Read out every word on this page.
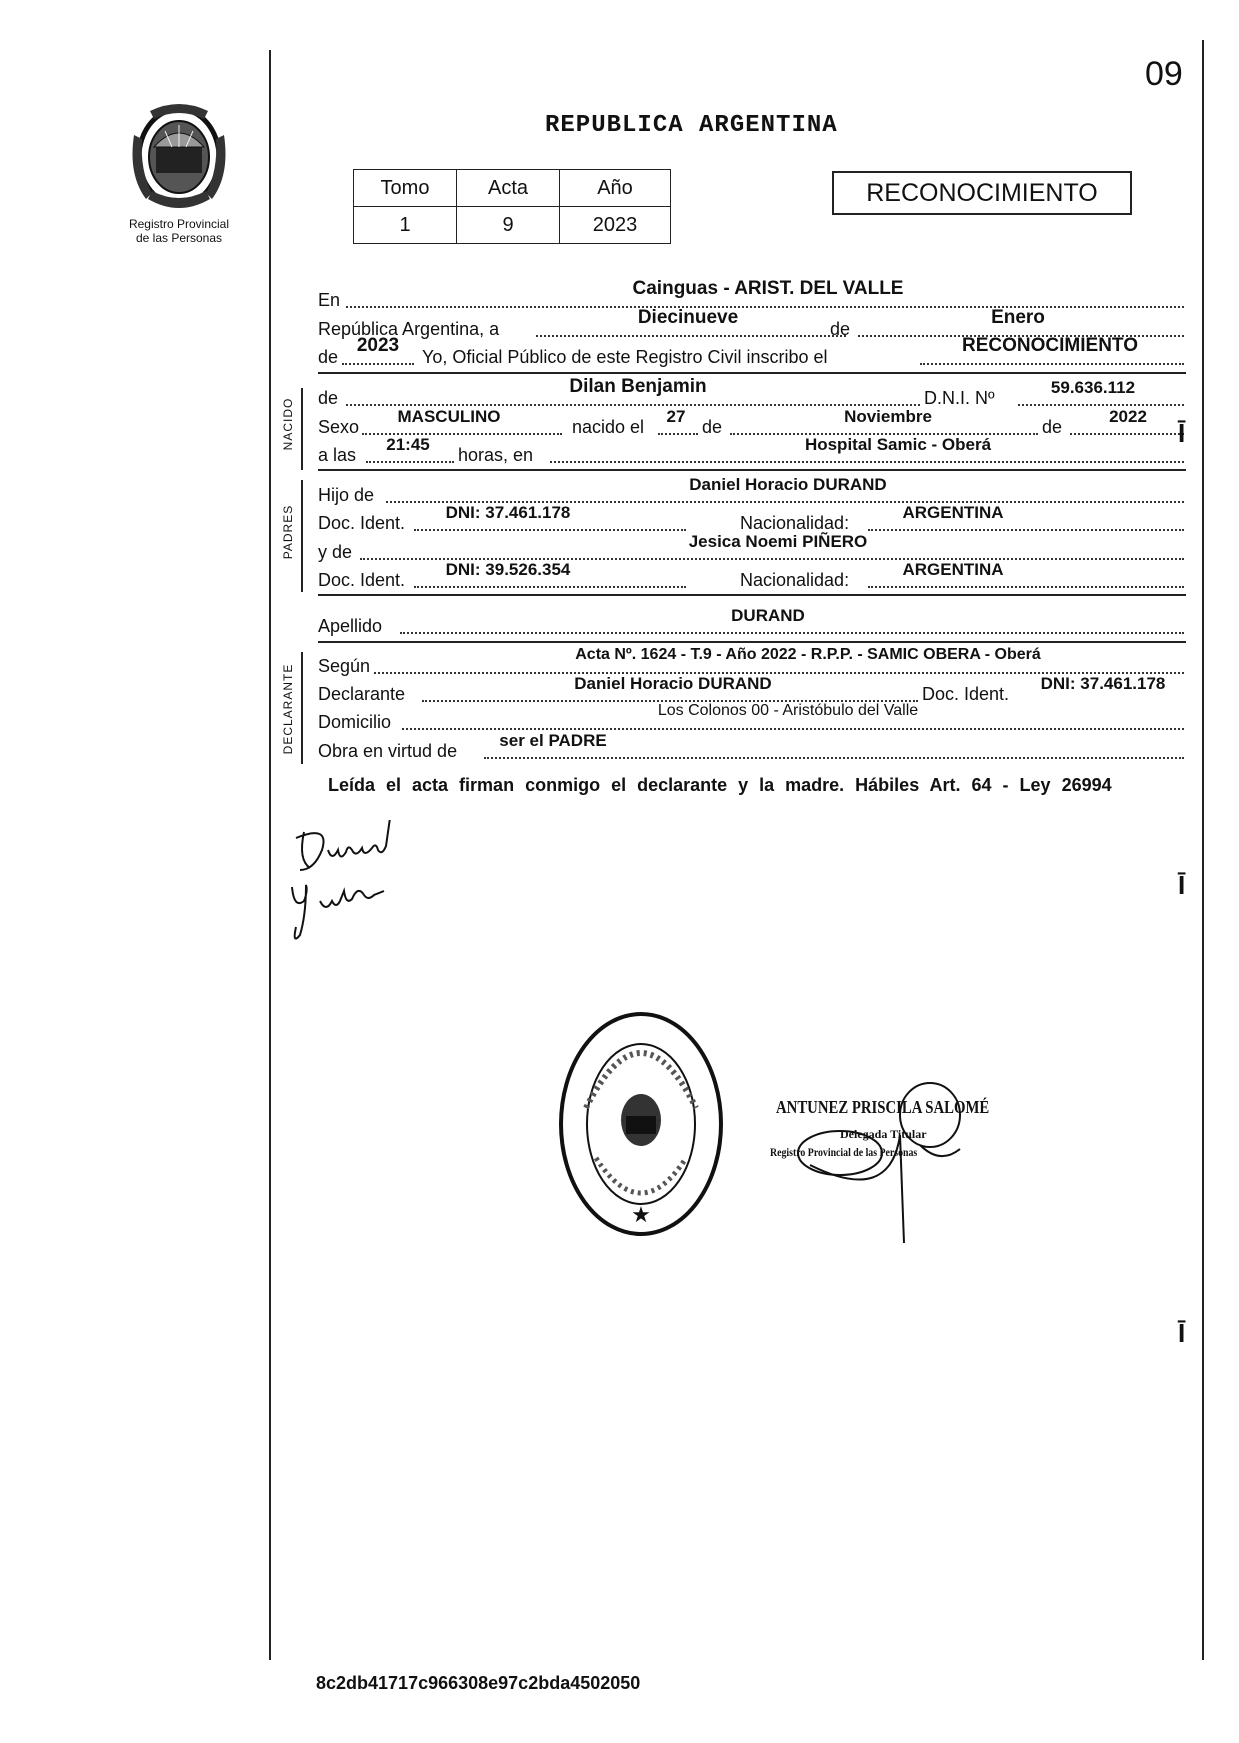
09
Registro Provincial
de las Personas
REPUBLICA ARGENTINA
Tomo	Acta	Año
1	9	2023
RECONOCIMIENTO
En
Cainguas - ARIST. DEL VALLE
República Argentina, a
Diecinueve
de
Enero
de
2023
Yo, Oficial Público de este Registro Civil inscribo el
RECONOCIMIENTO
NACIDO de
Dilan Benjamin
D.N.I. Nº
59.636.112
Sexo
MASCULINO
nacido el
27
de
Noviembre
de
2022
a las
21:45
horas, en
Hospital Samic - Oberá
PADRES
Hijo de
Daniel Horacio DURAND
Doc. Ident.
DNI: 37.461.178
Nacionalidad:
ARGENTINA
y de
Jesica Noemi PIÑERO
Doc. Ident.
DNI: 39.526.354
Nacionalidad:
ARGENTINA
Apellido
DURAND
DECLARANTE Según
Acta Nº. 1624 - T.9 - Año 2022 - R.P.P. - SAMIC OBERA - Oberá
Declarante
Daniel Horacio DURAND
Doc. Ident.
DNI: 37.461.178
Domicilio
Los Colonos 00 - Aristóbulo del Valle
Obra en virtud de
ser el PADRE
Leída el acta firman conmigo el declarante y la madre. Hábiles Art. 64 - Ley 26994
★
ANTUNEZ PRISCILA SALOMÉ
Delegada Titular
Registro Provincial de las Personas
Ī
Ī
Ī
8c2db41717c966308e97c2bda4502050
